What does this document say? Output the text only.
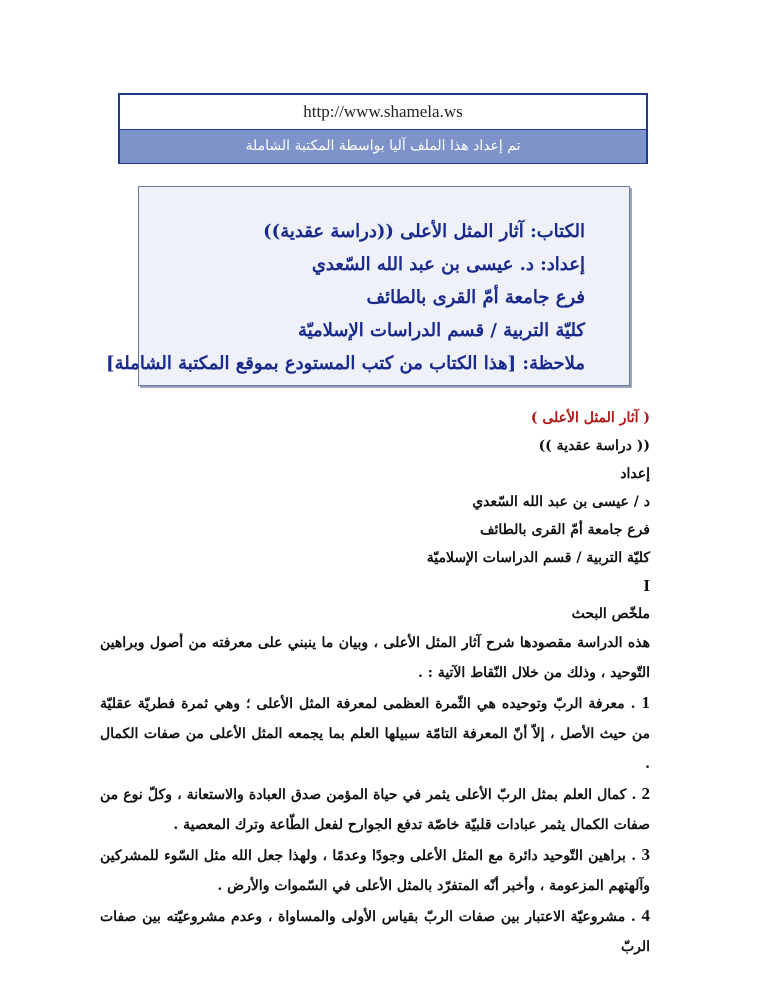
http://www.shamela.ws
تم إعداد هذا الملف آليا بواسطة المكتبة الشاملة
الكتاب: آثار المثل الأعلى ((دراسة عقدية))
إعداد: د. عيسى بن عبد الله السّعدي
فرع جامعة أمّ القرى بالطائف
كليّة التربية / قسم الدراسات الإسلاميّة
ملاحظة: [هذا الكتاب من كتب المستودع بموقع المكتبة الشاملة]
( آثار المثل الأعلى )
(( دراسة عقدية ))
إعداد
د / عيسى بن عبد الله السّعدي
فرع جامعة أمّ القرى بالطائف
كليّة التربية / قسم الدراسات الإسلاميّة
I
ملخّص البحث

هذه الدراسة مقصودها شرح آثار المثل الأعلى ، وبيان ما ينبني على معرفته من أصول وبراهين التّوحيد ، وذلك من خلال النّقاط الآتية : .

1 . معرفة الربّ وتوحيده هي الثّمرة العظمى لمعرفة المثل الأعلى ؛ وهي ثمرة فطريّة عقليّة من حيث الأصل ، إلاّ أنّ المعرفة التامّة سبيلها العلم بما يجمعه المثل الأعلى من صفات الكمال .

2 . كمال العلم بمثل الربّ الأعلى يثمر في حياة المؤمن صدق العبادة والاستعانة ، وكلّ نوع من صفات الكمال يثمر عبادات قلبيّة خاصّة تدفع الجوارح لفعل الطّاعة وترك المعصية .

3 . براهين التّوحيد دائرة مع المثل الأعلى وجودًا وعدمًا ، ولهذا جعل الله مثل السّوء للمشركين وآلهتهم المزعومة ، وأخبر أنّه المتفرّد بالمثل الأعلى في السّموات والأرض .

4 . مشروعيّة الاعتبار بين صفات الربّ بقياس الأولى والمساواة ، وعدم مشروعيّته بين صفات الربّ
